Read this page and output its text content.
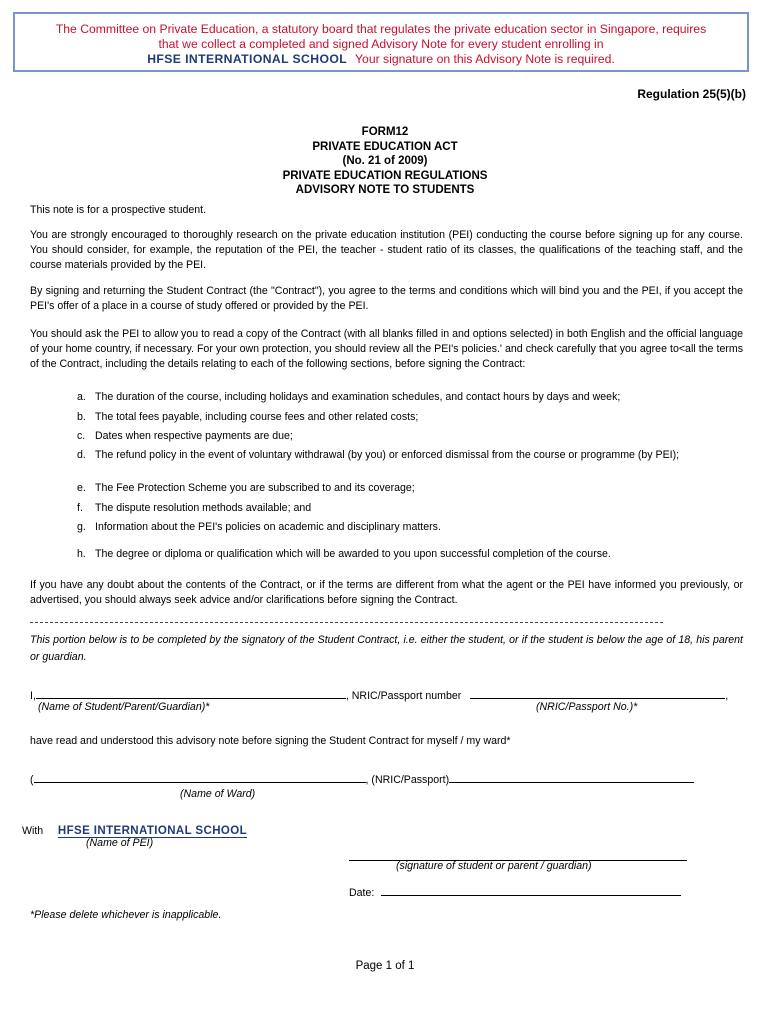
The Committee on Private Education, a statutory board that regulates the private education sector in Singapore, requires
that we collect a completed and signed Advisory Note for every student enrolling in
HFSE INTERNATIONAL SCHOOL Your signature on this Advisory Note is required.
Regulation 25(5)(b)
FORM12
PRIVATE EDUCATION ACT
(No. 21 of 2009)
PRIVATE EDUCATION REGULATIONS
ADVISORY NOTE TO STUDENTS
This note is for a prospective student.
You are strongly encouraged to thoroughly research on the private education institution (PEI) conducting the course before signing up for any course. You should consider, for example, the reputation of the PEI, the teacher - student ratio of its classes, the qualifications of the teaching staff, and the course materials provided by the PEI.
By signing and returning the Student Contract (the "Contract"), you agree to the terms and conditions which will bind you and the PEI, if you accept the PEI's offer of a place in a course of study offered or provided by the PEI.
You should ask the PEI to allow you to read a copy of the Contract (with all blanks filled in and options selected) in both English and the official language of your home country, if necessary. For your own protection, you should review all the PEI's policies.' and check carefully that you agree to<all the terms of the Contract, including the details relating to each of the following sections, before signing the Contract:
a. The duration of the course, including holidays and examination schedules, and contact hours by days and week;
b. The total fees payable, including course fees and other related costs;
c. Dates when respective payments are due;
d. The refund policy in the event of voluntary withdrawal (by you) or enforced dismissal from the course or programme (by PEI);
e. The Fee Protection Scheme you are subscribed to and its coverage;
f. The dispute resolution methods available; and
g. Information about the PEI's policies on academic and disciplinary matters.
h. The degree or diploma or qualification which will be awarded to you upon successful completion of the course.
If you have any doubt about the contents of the Contract, or if the terms are different from what the agent or the PEI have informed you previously, or advertised, you should always seek advice and/or clarifications before signing the Contract.
This portion below is to be completed by the signatory of the Student Contract, i.e. either the student, or if the student is below the age of 18, his parent or guardian.
I,	, NRIC/Passport number	,
(Name of Student/Parent/Guardian)*	(NRIC/Passport No.)*
have read and understood this advisory note before signing the Student Contract for myself / my ward*
(	, (NRIC/Passport)
(Name of Ward)
With HFSE INTERNATIONAL SCHOOL
(Name of PEI)
(signature of student or parent / guardian)
Date:
*Please delete whichever is inapplicable.
Page 1 of 1
